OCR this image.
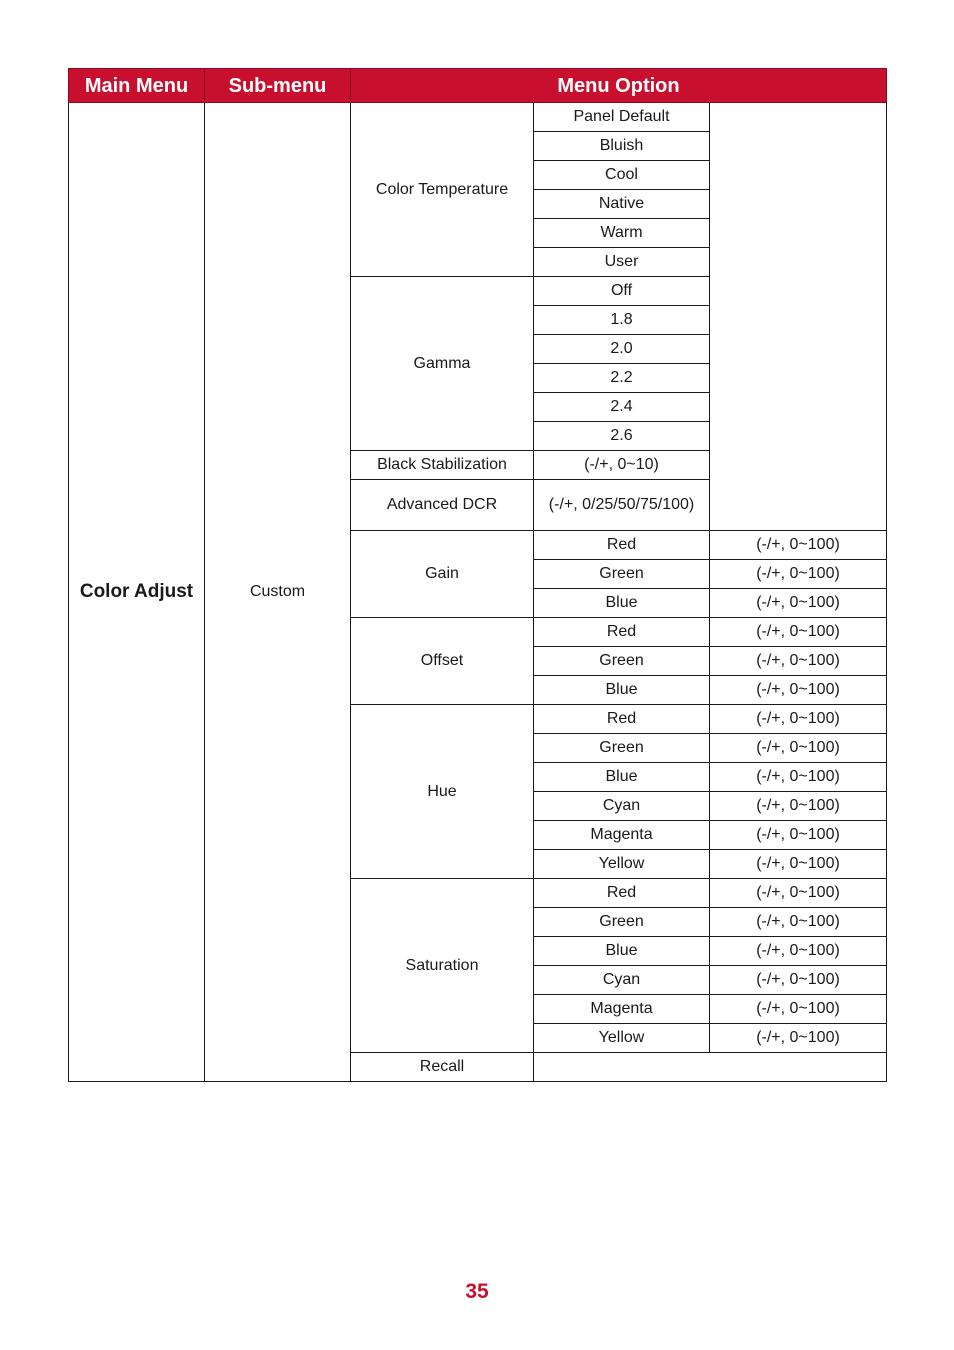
Main Menu	Sub-menu	Menu Option		
Color Adjust	Custom	Color Temperature	Panel Default	
			Bluish	
			Cool	
			Native	
			Warm	
			User	
		Gamma	Off	
			1.8	
			2.0	
			2.2	
			2.4	
			2.6	
		Black Stabilization	(-/+, 0~10)	
		Advanced DCR	(-/+, 0/25/50/75/100)	
		Gain	Red	(-/+, 0~100)
			Green	(-/+, 0~100)
			Blue	(-/+, 0~100)
		Offset	Red	(-/+, 0~100)
			Green	(-/+, 0~100)
			Blue	(-/+, 0~100)
		Hue	Red	(-/+, 0~100)
			Green	(-/+, 0~100)
			Blue	(-/+, 0~100)
			Cyan	(-/+, 0~100)
			Magenta	(-/+, 0~100)
			Yellow	(-/+, 0~100)
		Saturation	Red	(-/+, 0~100)
			Green	(-/+, 0~100)
			Blue	(-/+, 0~100)
			Cyan	(-/+, 0~100)
			Magenta	(-/+, 0~100)
			Yellow	(-/+, 0~100)
		Recall		
35
